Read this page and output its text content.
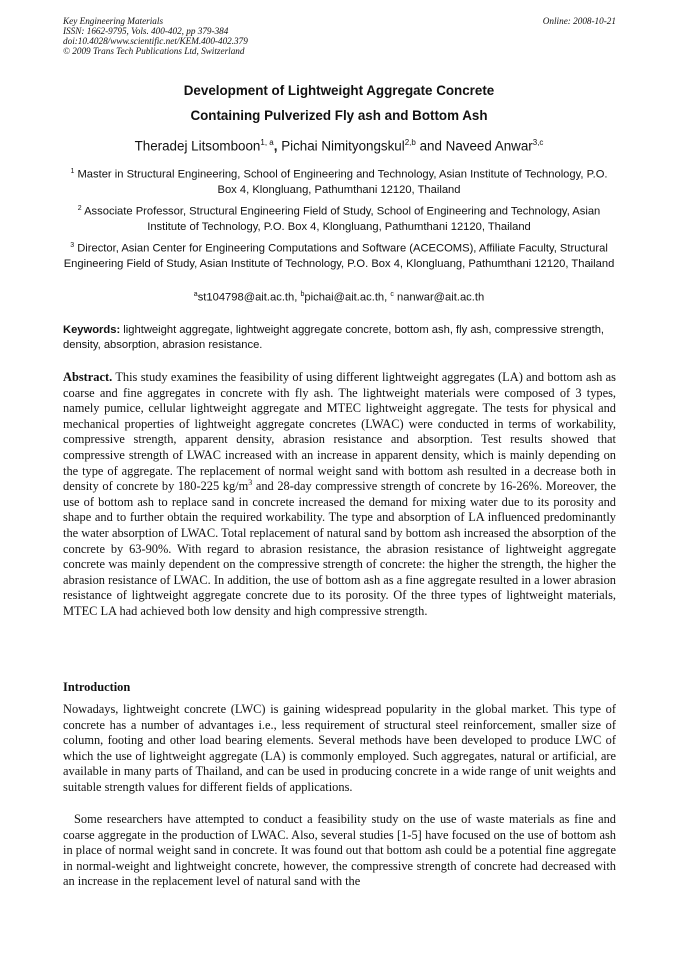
Key Engineering Materials
ISSN: 1662-9795, Vols. 400-402, pp 379-384
doi:10.4028/www.scientific.net/KEM.400-402.379
© 2009 Trans Tech Publications Ltd, Switzerland
Online: 2008-10-21
Development of Lightweight Aggregate Concrete
Containing Pulverized Fly ash and Bottom Ash
Theradej Litsomboon$^{1, a}$, Pichai Nimityongskul$^{2,b}$ and Naveed Anwar$^{3,c}$
$^1$ Master in Structural Engineering, School of Engineering and Technology, Asian Institute of Technology, P.O. Box 4, Klongluang, Pathumthani 12120, Thailand
$^2$ Associate Professor, Structural Engineering Field of Study, School of Engineering and Technology, Asian Institute of Technology, P.O. Box 4, Klongluang, Pathumthani 12120, Thailand
$^3$ Director, Asian Center for Engineering Computations and Software (ACECOMS), Affiliate Faculty, Structural Engineering Field of Study, Asian Institute of Technology, P.O. Box 4, Klongluang, Pathumthani 12120, Thailand
$^a$st104798@ait.ac.th, $^b$pichai@ait.ac.th, $^c$ nanwar@ait.ac.th
Keywords: lightweight aggregate, lightweight aggregate concrete, bottom ash, fly ash, compressive strength, density, absorption, abrasion resistance.
Abstract. This study examines the feasibility of using different lightweight aggregates (LA) and bottom ash as coarse and fine aggregates in concrete with fly ash. The lightweight materials were composed of 3 types, namely pumice, cellular lightweight aggregate and MTEC lightweight aggregate. The tests for physical and mechanical properties of lightweight aggregate concretes (LWAC) were conducted in terms of workability, compressive strength, apparent density, abrasion resistance and absorption. Test results showed that compressive strength of LWAC increased with an increase in apparent density, which is mainly depending on the type of aggregate. The replacement of normal weight sand with bottom ash resulted in a decrease both in density of concrete by 180-225 $kg/m^3$ and 28-day compressive strength of concrete by 16-26%. Moreover, the use of bottom ash to replace sand in concrete increased the demand for mixing water due to its porosity and shape and to further obtain the required workability. The type and absorption of LA influenced predominantly the water absorption of LWAC. Total replacement of natural sand by bottom ash increased the absorption of the concrete by 63-90%. With regard to abrasion resistance, the abrasion resistance of lightweight aggregate concrete was mainly dependent on the compressive strength of concrete: the higher the strength, the higher the abrasion resistance of LWAC. In addition, the use of bottom ash as a fine aggregate resulted in a lower abrasion resistance of lightweight aggregate concrete due to its porosity. Of the three types of lightweight materials, MTEC LA had achieved both low density and high compressive strength.
Introduction
Nowadays, lightweight concrete (LWC) is gaining widespread popularity in the global market. This type of concrete has a number of advantages i.e., less requirement of structural steel reinforcement, smaller size of column, footing and other load bearing elements. Several methods have been developed to produce LWC of which the use of lightweight aggregate (LA) is commonly employed. Such aggregates, natural or artificial, are available in many parts of Thailand, and can be used in producing concrete in a wide range of unit weights and suitable strength values for different fields of applications.
Some researchers have attempted to conduct a feasibility study on the use of waste materials as fine and coarse aggregate in the production of LWAC. Also, several studies [1-5] have focused on the use of bottom ash in place of normal weight sand in concrete. It was found out that bottom ash could be a potential fine aggregate in normal-weight and lightweight concrete, however, the compressive strength of concrete had decreased with an increase in the replacement level of natural sand with the
